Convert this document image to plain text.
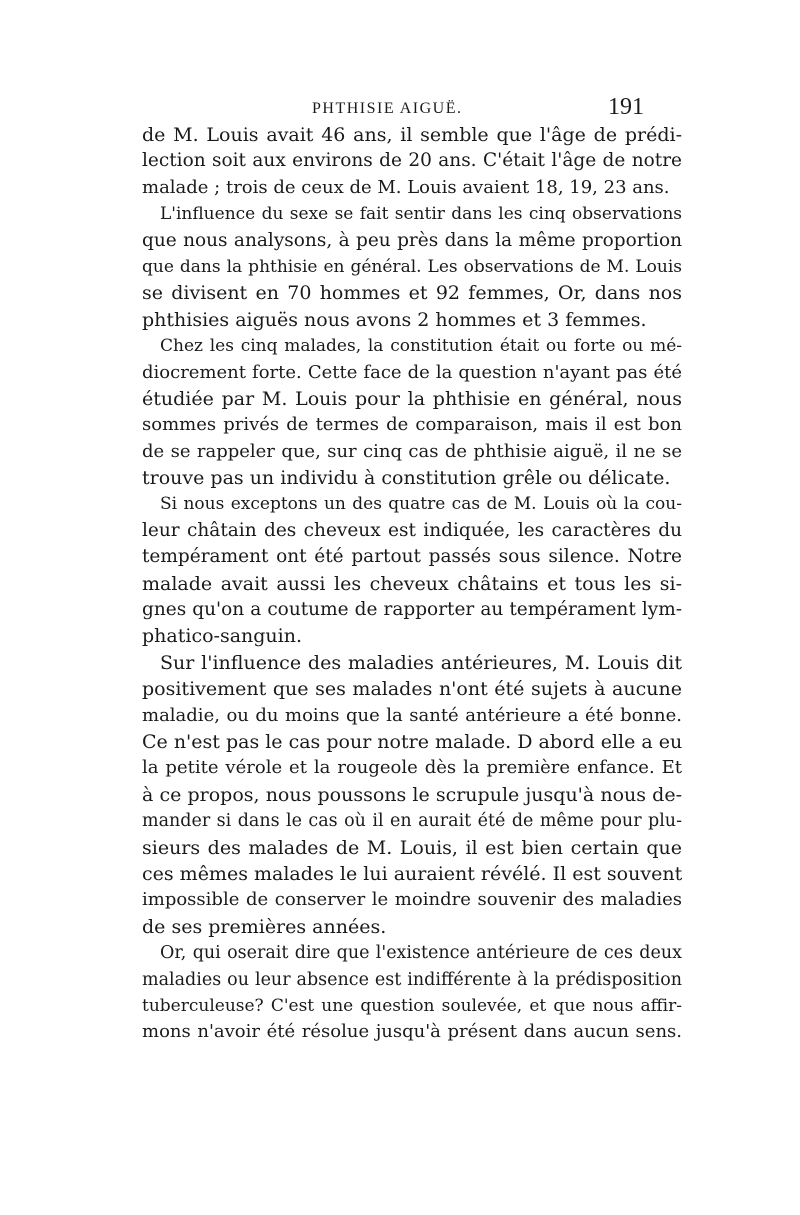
PHTHISIE AIGUË.	191
de M. Louis avait 46 ans, il semble que l'âge de prédi-
lection soit aux environs de 20 ans. C'était l'âge de notre
malade ; trois de ceux de M. Louis avaient 18, 19, 23 ans.
L'influence du sexe se fait sentir dans les cinq observations
que nous analysons, à peu près dans la même proportion
que dans la phthisie en général. Les observations de M. Louis
se divisent en 70 hommes et 92 femmes, Or, dans nos
phthisies aiguës nous avons 2 hommes et 3 femmes.
Chez les cinq malades, la constitution était ou forte ou mé-
diocrement forte. Cette face de la question n'ayant pas été
étudiée par M. Louis pour la phthisie en général, nous
sommes privés de termes de comparaison, mais il est bon
de se rappeler que, sur cinq cas de phthisie aiguë, il ne se
trouve pas un individu à constitution grêle ou délicate.
Si nous exceptons un des quatre cas de M. Louis où la cou-
leur châtain des cheveux est indiquée, les caractères du
tempérament ont été partout passés sous silence. Notre
malade avait aussi les cheveux châtains et tous les si-
gnes qu'on a coutume de rapporter au tempérament lym-
phatico-sanguin.
Sur l'influence des maladies antérieures, M. Louis dit
positivement que ses malades n'ont été sujets à aucune
maladie, ou du moins que la santé antérieure a été bonne.
Ce n'est pas le cas pour notre malade. D abord elle a eu
la petite vérole et la rougeole dès la première enfance. Et
à ce propos, nous poussons le scrupule jusqu'à nous de-
mander si dans le cas où il en aurait été de même pour plu-
sieurs des malades de M. Louis, il est bien certain que
ces mêmes malades le lui auraient révélé. Il est souvent
impossible de conserver le moindre souvenir des maladies
de ses premières années.
Or, qui oserait dire que l'existence antérieure de ces deux
maladies ou leur absence est indifférente à la prédisposition
tuberculeuse? C'est une question soulevée, et que nous affir-
mons n'avoir été résolue jusqu'à présent dans aucun sens.
